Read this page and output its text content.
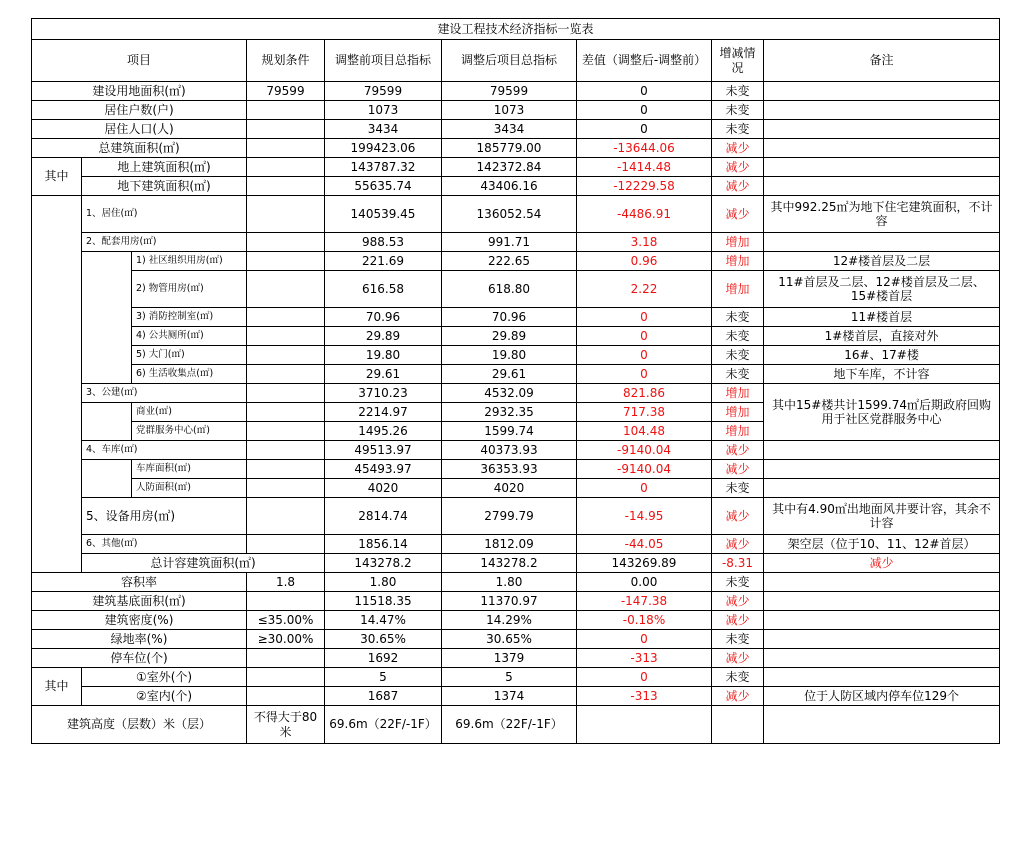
建设工程技术经济指标一览表									
项目			规划条件	调整前项目总指标	调整后项目总指标	差值（调整后-调整前）	增减情况	备注	
建设用地面积(㎡)			79599	79599	79599	0	未变		
居住户数(户)				1073	1073	0	未变		
居住人口(人)				3434	3434	0	未变		
总建筑面积(㎡)				199423.06	185779.00	-13644.06	减少		
其中	地上建筑面积(㎡)			143787.32	142372.84	-1414.48	减少		
	地下建筑面积(㎡)			55635.74	43406.16	-12229.58	减少		
	1、居住(㎡)			140539.45	136052.54	-4486.91	减少	其中992.25㎡为地下住宅建筑面积，不计容	
	2、配套用房(㎡)			988.53	991.71	3.18	增加		
		1) 社区组织用房(㎡)		221.69	222.65	0.96	增加	12#楼首层及二层	
		2) 物管用房(㎡)		616.58	618.80	2.22	增加	11#首层及二层、12#楼首层及二层、15#楼首层	
		3) 消防控制室(㎡)		70.96	70.96	0	未变	11#楼首层	
		4) 公共厕所(㎡)		29.89	29.89	0	未变	1#楼首层，直接对外	
		5) 大门(㎡)		19.80	19.80	0	未变	16#、17#楼	
		6) 生活收集点(㎡)		29.61	29.61	0	未变	地下车库，不计容	
	3、公建(㎡)			3710.23	4532.09	821.86	增加	其中15#楼共计1599.74㎡后期政府回购用于社区党群服务中心	
		商业(㎡)		2214.97	2932.35	717.38	增加		
		党群服务中心(㎡)		1495.26	1599.74	104.48	增加		
	4、车库(㎡)			49513.97	40373.93	-9140.04	减少		
		车库面积(㎡)		45493.97	36353.93	-9140.04	减少		
		人防面积(㎡)		4020	4020	0	未变		
	5、设备用房(㎡)			2814.74	2799.79	-14.95	减少	其中有4.90㎡出地面风井要计容，其余不计容	
	6、其他(㎡)			1856.14	1812.09	-44.05	减少	架空层（位于10、11、12#首层）	
	总计容建筑面积(㎡)			143278.2	143278.2	143269.89	-8.31	减少	
容积率			1.8	1.80	1.80	0.00	未变		
建筑基底面积(㎡)				11518.35	11370.97	-147.38	减少		
建筑密度(%)			≤35.00%	14.47%	14.29%	-0.18%	减少		
绿地率(%)			≥30.00%	30.65%	30.65%	0	未变		
停车位(个)				1692	1379	-313	减少		
其中	①室外(个)			5	5	0	未变		
	②室内(个)			1687	1374	-313	减少	位于人防区域内停车位129个	
建筑高度（层数）米（层）			不得大于80米	69.6m（22F/-1F）	69.6m（22F/-1F）				
